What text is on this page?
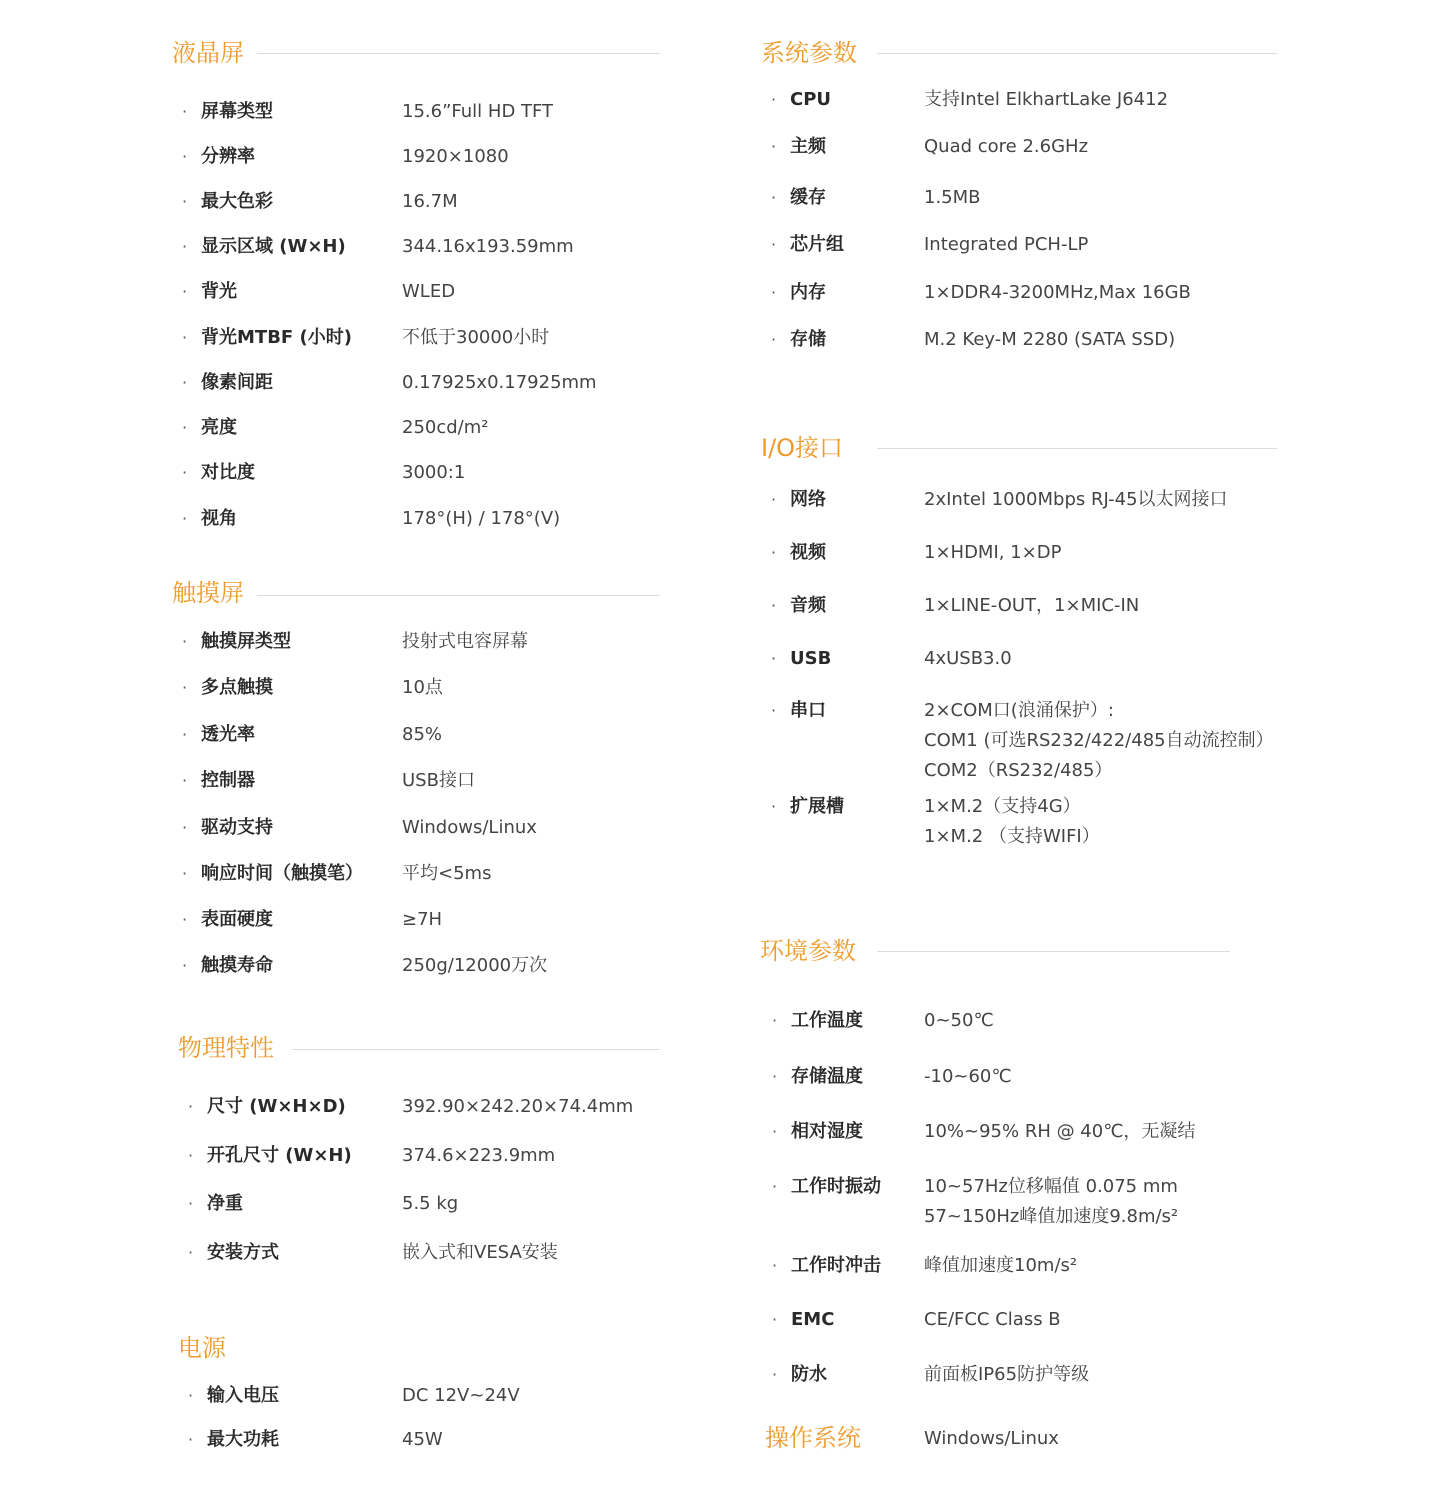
液晶屏
· 屏幕类型	15.6”Full HD TFT
· 分辨率	1920×1080
· 最大色彩	16.7M
· 显示区域 (W×H)	344.16x193.59mm
· 背光	WLED
· 背光MTBF (小时)	不低于30000小时
· 像素间距	0.17925x0.17925mm
· 亮度	250cd/m²
· 对比度	3000:1
· 视角	178°(H) / 178°(V)
触摸屏
· 触摸屏类型	投射式电容屏幕
· 多点触摸	10点
· 透光率	85%
· 控制器	USB接口
· 驱动支持	Windows/Linux
· 响应时间（触摸笔） 平均<5ms
· 表面硬度	≥7H
· 触摸寿命	250g/12000万次
物理特性
· 尺寸 (W×H×D)	392.90×242.20×74.4mm
· 开孔尺寸 (W×H)	374.6×223.9mm
· 净重	5.5 kg
· 安装方式	嵌入式和VESA安装
电源
· 输入电压	DC 12V~24V
· 最大功耗	45W
系统参数
· CPU	支持Intel ElkhartLake J6412
· 主频	Quad core 2.6GHz
· 缓存	1.5MB
· 芯片组	Integrated PCH-LP
· 内存	1×DDR4-3200MHz,Max 16GB
· 存储	M.2 Key-M 2280 (SATA SSD)
I/O接口
· 网络	2xIntel 1000Mbps RJ-45以太网接口
· 视频	1×HDMI, 1×DP
· 音频	1×LINE-OUT，1×MIC-IN
· USB	4xUSB3.0
· 串口	2×COM口(浪涌保护）:
COM1 (可选RS232/422/485自动流控制）
COM2（RS232/485）
· 扩展槽	1×M.2（支持4G）
1×M.2 （支持WIFI）
环境参数
· 工作温度	0~50℃
· 存储温度	-10~60℃
· 相对湿度	10%~95% RH @ 40℃，无凝结
· 工作时振动 10~57Hz位移幅值 0.075 mm
57~150Hz峰值加速度9.8m/s²
· 工作时冲击 峰值加速度10m/s²
· EMC	CE/FCC Class B
· 防水	前面板IP65防护等级
操作系统	Windows/Linux
